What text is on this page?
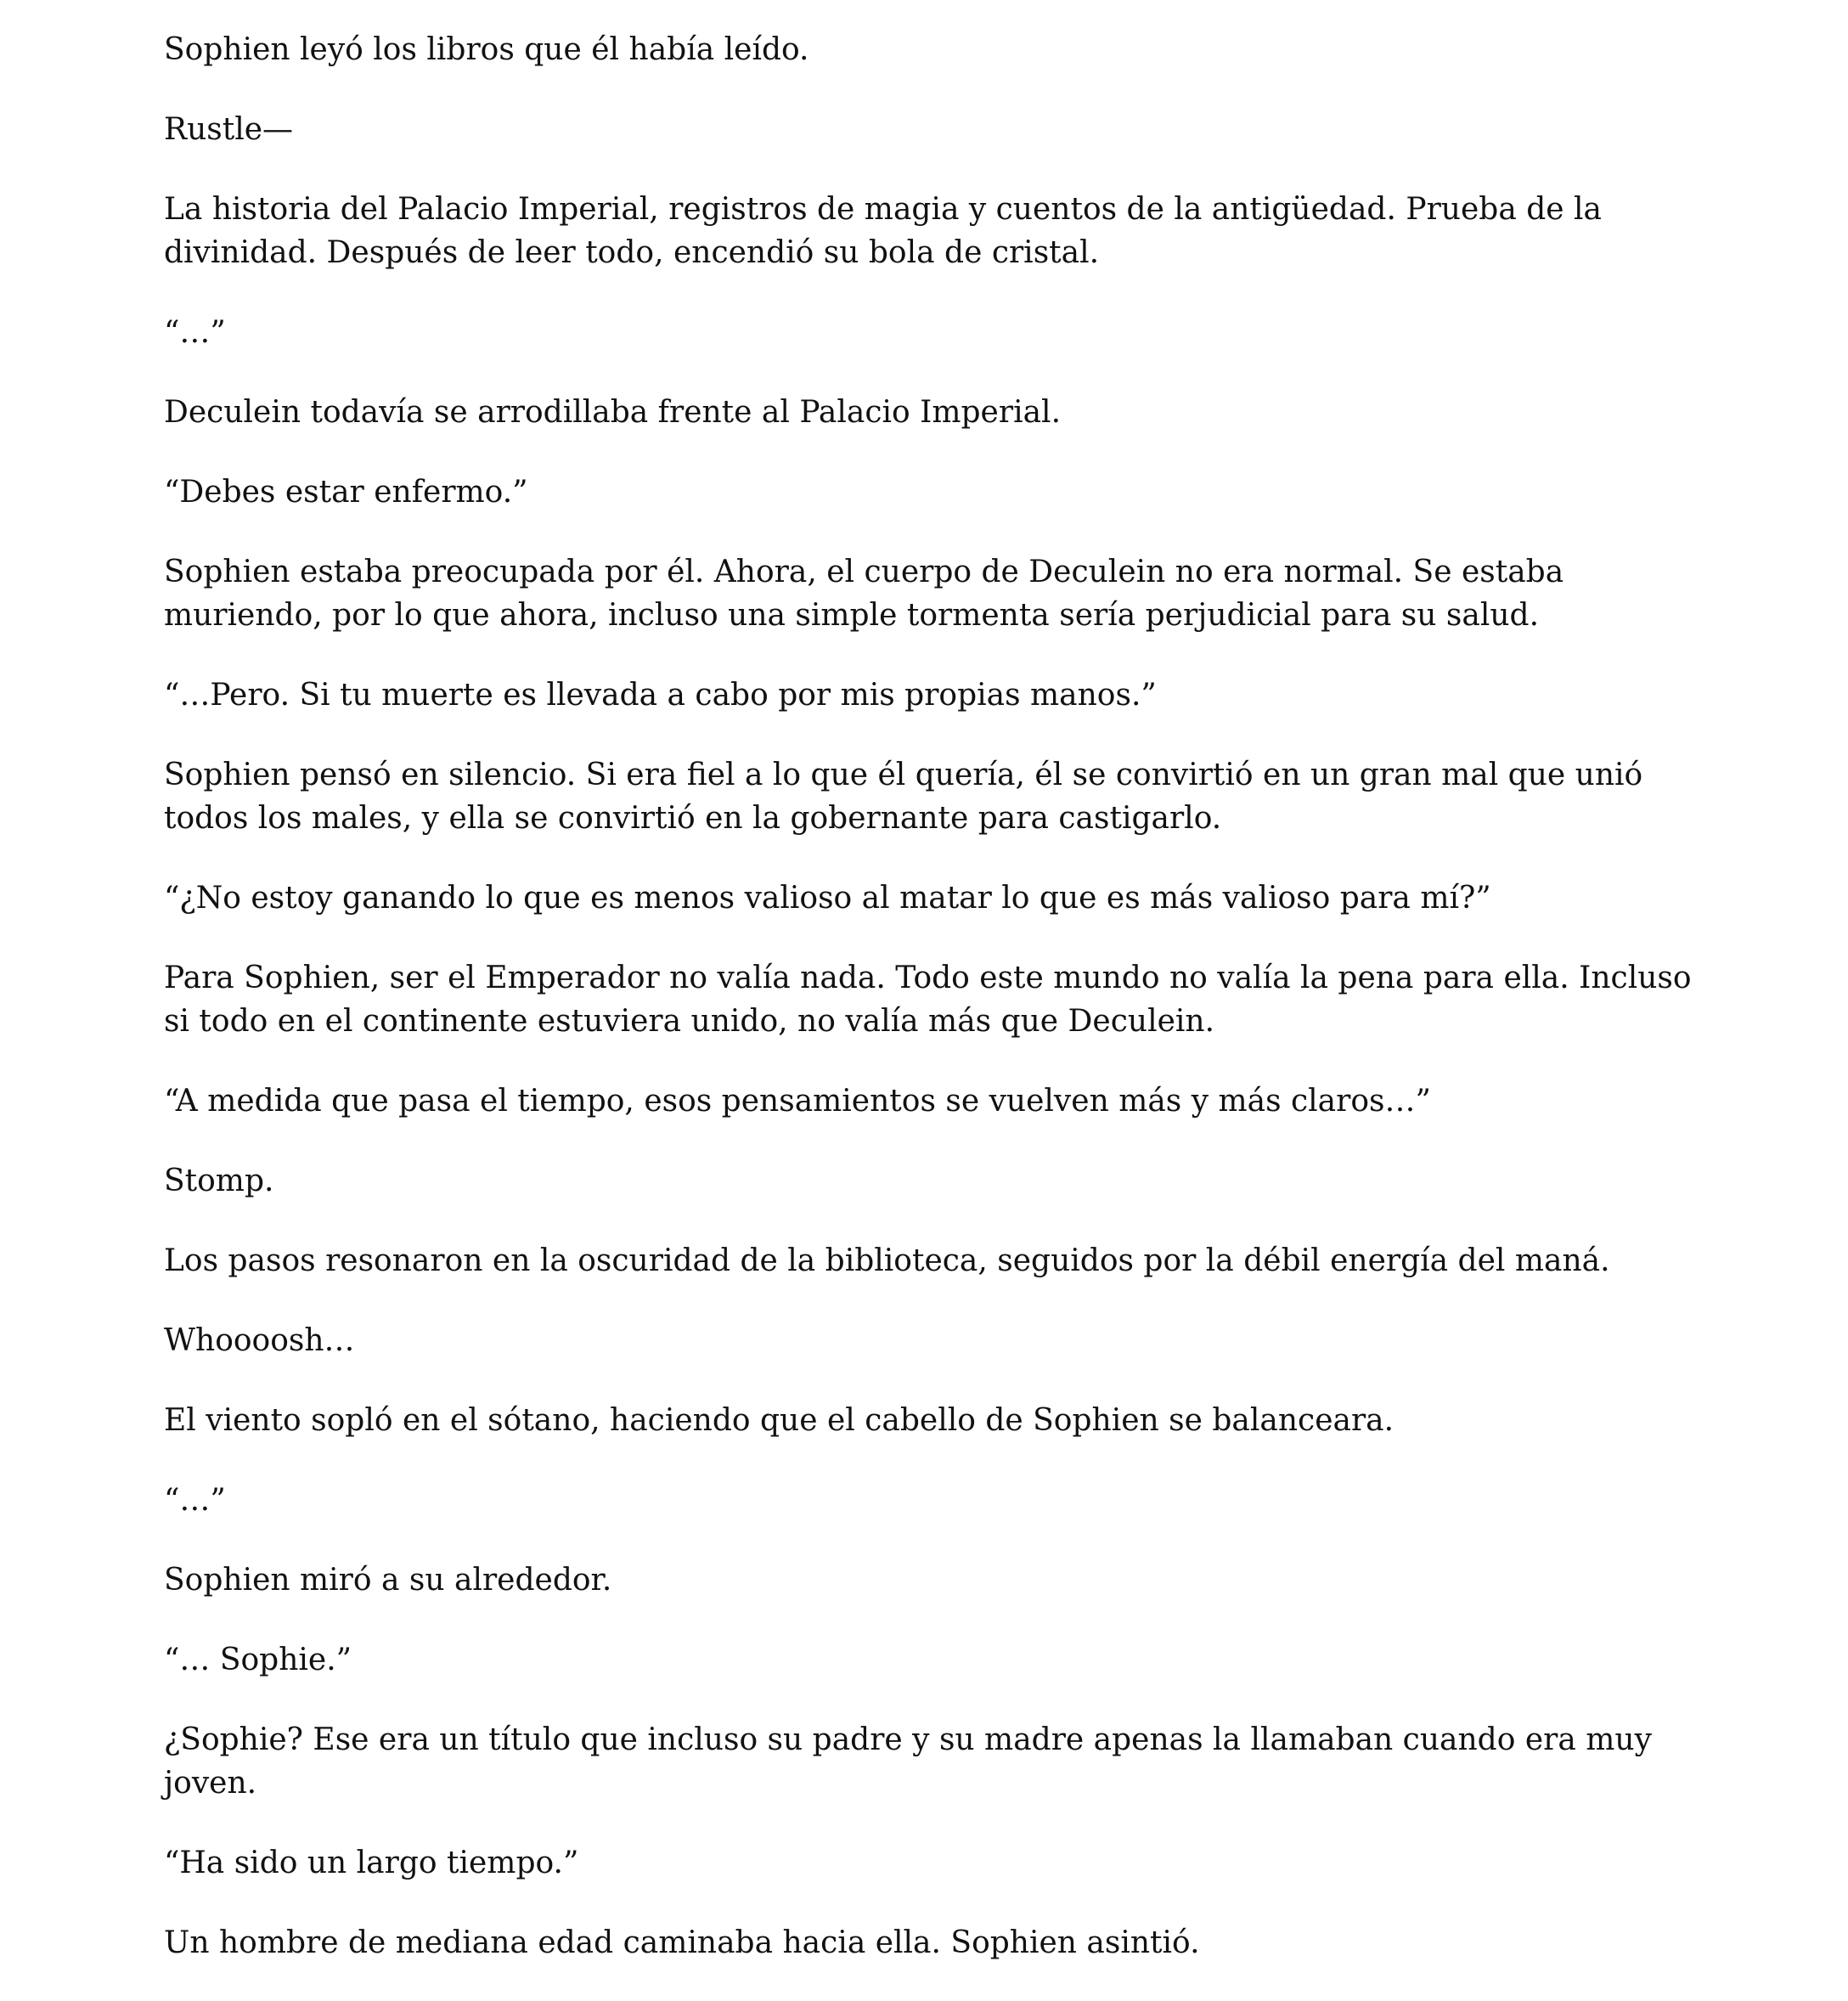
Sophien leyó los libros que él había leído.

Rustle—

La historia del Palacio Imperial, registros de magia y cuentos de la antigüedad. Prueba de la divinidad. Después de leer todo, encendió su bola de cristal.

“…”

Deculein todavía se arrodillaba frente al Palacio Imperial.

“Debes estar enfermo.”

Sophien estaba preocupada por él. Ahora, el cuerpo de Deculein no era normal. Se estaba muriendo, por lo que ahora, incluso una simple tormenta sería perjudicial para su salud.

“…Pero. Si tu muerte es llevada a cabo por mis propias manos.”

Sophien pensó en silencio. Si era fiel a lo que él quería, él se convirtió en un gran mal que unió todos los males, y ella se convirtió en la gobernante para castigarlo.

“¿No estoy ganando lo que es menos valioso al matar lo que es más valioso para mí?”

Para Sophien, ser el Emperador no valía nada. Todo este mundo no valía la pena para ella. Incluso si todo en el continente estuviera unido, no valía más que Deculein.

“A medida que pasa el tiempo, esos pensamientos se vuelven más y más claros…”

Stomp.

Los pasos resonaron en la oscuridad de la biblioteca, seguidos por la débil energía del maná.

Whoooosh…

El viento sopló en el sótano, haciendo que el cabello de Sophien se balanceara.

“…”

Sophien miró a su alrededor.

“… Sophie.”

¿Sophie? Ese era un título que incluso su padre y su madre apenas la llamaban cuando era muy joven.

“Ha sido un largo tiempo.”

Un hombre de mediana edad caminaba hacia ella. Sophien asintió.
